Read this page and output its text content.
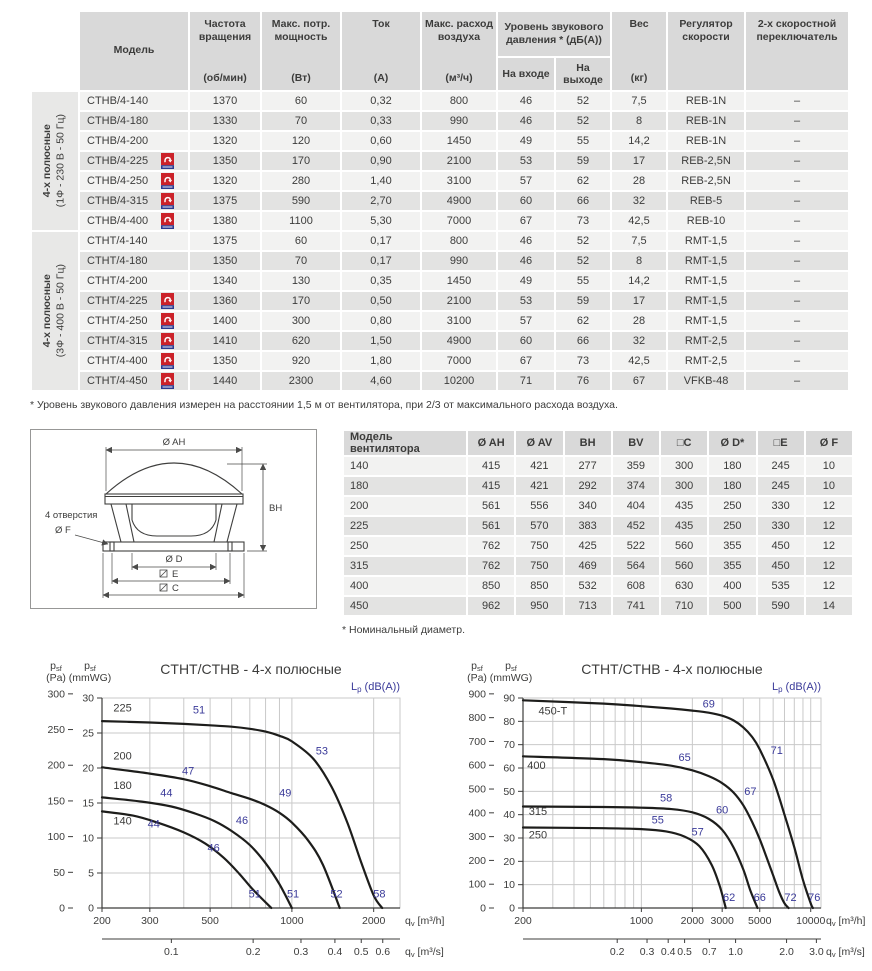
Модель

Частота вращения
(об/мин)

Макс. потр. мощность
(Вт)

Ток
(А)

Макс. расход воздуха
(м³/ч)

Уровень звукового давления * (дБ(А))
На входе
На выходе

Вес
(кг)

Регулятор скорости

2-х скоростной переключатель

4-х полюсные (1Ф - 230 В - 50 Гц)	CTHB/4-140	1370	60	0,32	800	46	52	7,5	REB-1N	–

	CTHB/4-180	1330	70	0,33	990	46	52	8	REB-1N	–

	CTHB/4-200	1320	120	0,60	1450	49	55	14,2	REB-1N	–

	CTHB/4-225	1350	170	0,90	2100	53	59	17	REB-2,5N	–

	CTHB/4-250	1320	280	1,40	3100	57	62	28	REB-2,5N	–

	CTHB/4-315	1375	590	2,70	4900	60	66	32	REB-5	–

	CTHB/4-400	1380	1100	5,30	7000	67	73	42,5	REB-10	–

4-х полюсные (3Ф - 400 В - 50 Гц)	CTHT/4-140	1375	60	0,17	800	46	52	7,5	RMT-1,5	–

	CTHT/4-180	1350	70	0,17	990	46	52	8	RMT-1,5	–

	CTHT/4-200	1340	130	0,35	1450	49	55	14,2	RMT-1,5	–

	CTHT/4-225	1360	170	0,50	2100	53	59	17	RMT-1,5	–

	CTHT/4-250	1400	300	0,80	3100	57	62	28	RMT-1,5	–

	CTHT/4-315	1410	620	1,50	4900	60	66	32	RMT-2,5	–

	CTHT/4-400	1350	920	1,80	7000	67	73	42,5	RMT-2,5	–

	CTHT/4-450	1440	2300	4,60	10200	71	76	67	VFKB-48	–
* Уровень звукового давления измерен на расстоянии 1,5 м от вентилятора, при 2/3 от максимального расхода воздуха.
Ø AH
BH
Ø D
E
C
4 отверстия
Ø F
Модель вентилятора	Ø AH	Ø AV	BH	BV	□C	Ø D*	□E	Ø F
140	415	421	277	359	300	180	245	10
180	415	421	292	374	300	180	245	10
200	561	556	340	404	435	250	330	12
225	561	570	383	452	435	250	330	12
250	762	750	425	522	560	355	450	12
315	762	750	469	564	560	355	450	12
400	850	850	532	608	630	400	535	12
450	962	950	713	741	710	500	590	14
* Номинальный диаметр.
0
5
10
15
20
25
30
0
50
100
150
200
250
300
200	300	500	1000	2000 qv [m³/h]
0.1	0.2	0.3 0.4 0.5 0.6 qv [m³/s]
225
200
180
140
51
53
47
49
44
46
44
46
51 51	52	58
psf
(Pa)
psf
(mmWG)
CTHT/CTHB - 4-х полюсные
Lp (dB(A))
0
10
20
30
40
50
60
70
80
90
0
100
200
300
400
500
600
700
800
900
200	1000	2000 3000 5000 10000 qv [m³/h]
0.2 0.3 0.4 0.5 0.7 1.0	2.0 3.0 qv [m³/s]
450-T
400
315
250
69
71
65
67
58
60
55
57
62 66 72 76
psf
(Pa)
psf
(mmWG)
CTHT/CTHB - 4-х полюсные
Lp (dB(A))
